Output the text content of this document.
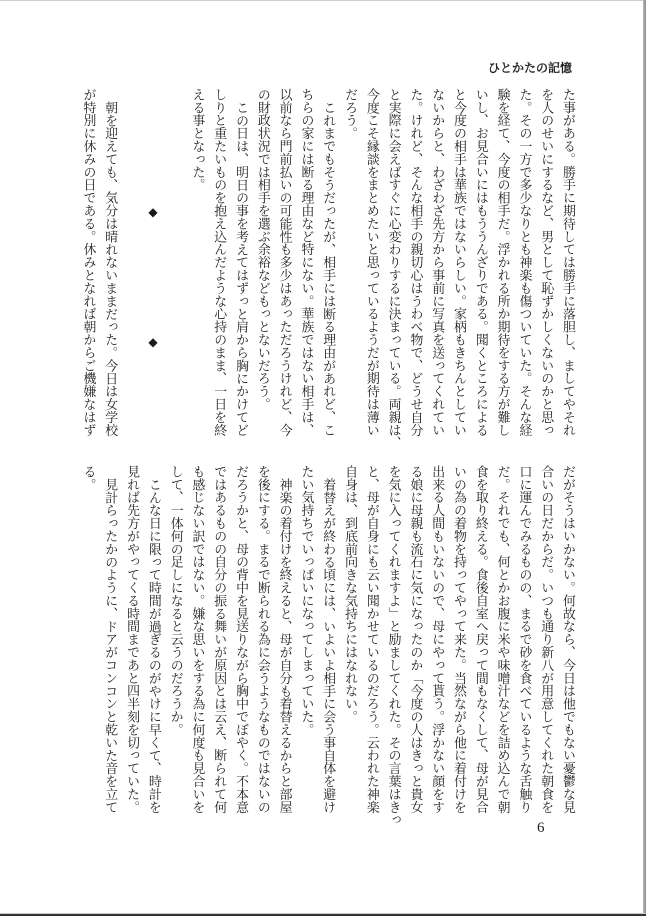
ひとかたの記憶
た事がある。勝手に期待しては勝手に落胆し、ましてやそれ
を人のせいにするなど、男として恥ずかしくないのかと思っ
た。その一方で多少なりとも神楽も傷ついていた。そんな経
験を経て、今度の相手だ。浮かれる所か期待をする方が難し
いし、お見合いにはもううんざりである。聞くところによる
と今度の相手は華族ではないらしい。家柄もきちんとしてい
ないからと、わざわざ先方から事前に写真を送ってくれてい
た。けれど、そんな相手の親切心はうわべ物で、どうせ自分
と実際に会えばすぐに心変わりするに決まっている。両親は、
今度こそ縁談をまとめたいと思っているようだが期待は薄い
だろう。
これまでもそうだったが、相手には断る理由があれど、こ
ちらの家には断る理由など特にない。華族ではない相手は、
以前なら門前払いの可能性も多少はあっただろうけれど、今
の財政状況では相手を選ぶ余裕などもっとないだろう。
この日は、明日の事を考えてはずっと肩から胸にかけてど
しりと重たいものを抱え込んだような心持のまま、一日を終
える事となった。
◆
◆
朝を迎えても、気分は晴れないままだった。今日は女学校
が特別に休みの日である。休みとなれば朝からご機嫌なはず
だがそうはいかない。何故なら、今日は他でもない憂鬱な見
合いの日だからだ。いつも通り新八が用意してくれた朝食を
口に運んでみるものの、まるで砂を食べているような舌触り
だ。それでも、何とかお腹に米や味噌汁などを詰め込んで朝
食を取り終える。食後自室へ戻って間もなくして、母が見合
いの為の着物を持ってやって来た。当然ながら他に着付けを
出来る人間もいないので、母にやって貰う。浮かない顔をす
る娘に母親も流石に気になったのか「今度の人はきっと貴女
を気に入ってくれますよ」と励ましてくれた。その言葉はきっ
と、母が自身にも云い聞かせているのだろう。云われた神楽
自身は、到底前向きな気持ちにはなれない。
着替えが終わる頃には、いよいよ相手に会う事自体を避け
たい気持ちでいっぱいになってしまっていた。
神楽の着付けを終えると、母が自分も着替えるからと部屋
を後にする。まるで断られる為に会うようなものではないの
だろうかと、母の背中を見送りながら胸中でぼやく。不本意
ではあるものの自分の振る舞いが原因とは云え、断られて何
も感じない訳ではない。嫌な思いをする為に何度も見合いを
して、一体何の足しになると云うのだろうか。
こんな日に限って時間が過ぎるのがやけに早くて、時計を
見れば先方がやってくる時間まであと四半刻を切っていた。
見計らったかのように、ドアがコンコンと乾いた音を立て
る。
6
